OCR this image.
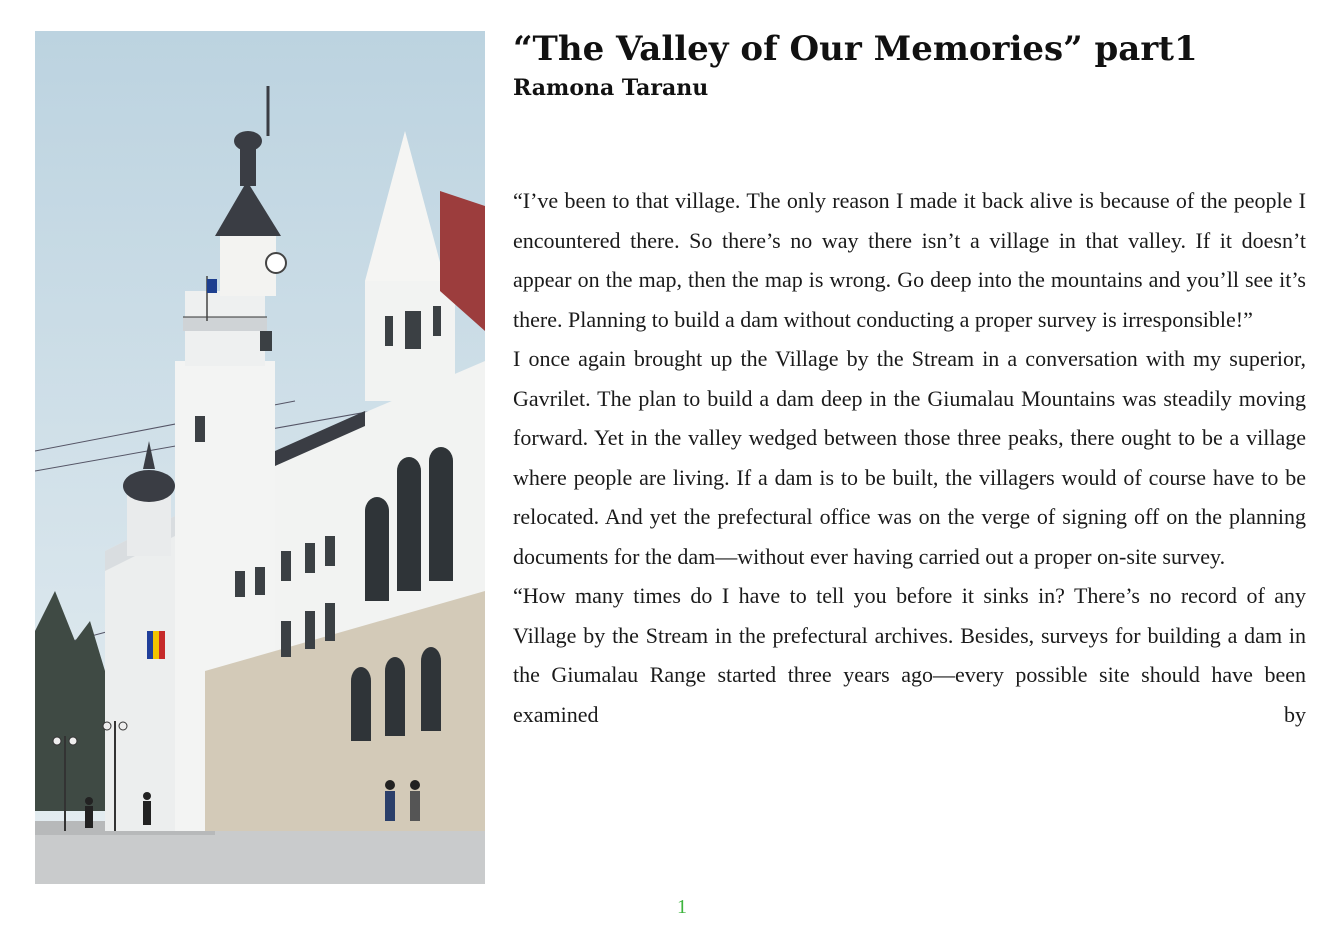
“The Valley of Our Memories” part1
Ramona Taranu

“I’ve been to that village. The only reason I made it back alive is because of the people I encountered there. So there’s no way there isn’t a village in that valley. If it doesn’t appear on the map, then the map is wrong. Go deep into the mountains and you’ll see it’s there. Planning to build a dam without conducting a proper survey is irresponsible!”

I once again brought up the Village by the Stream in a conversation with my superior, Gavrilet. The plan to build a dam deep in the Giumalau Mountains was steadily moving forward. Yet in the valley wedged between those three peaks, there ought to be a village where people are living. If a dam is to be built, the villagers would of course have to be relocated. And yet the prefectural office was on the verge of signing off on the planning documents for the dam—without ever having carried out a proper on-site survey.

“How many times do I have to tell you before it sinks in? There’s no record of any Village by the Stream in the prefectural archives. Besides, surveys for building a dam in the Giumalau Range started three years ago—every possible site should have been examined by

1
